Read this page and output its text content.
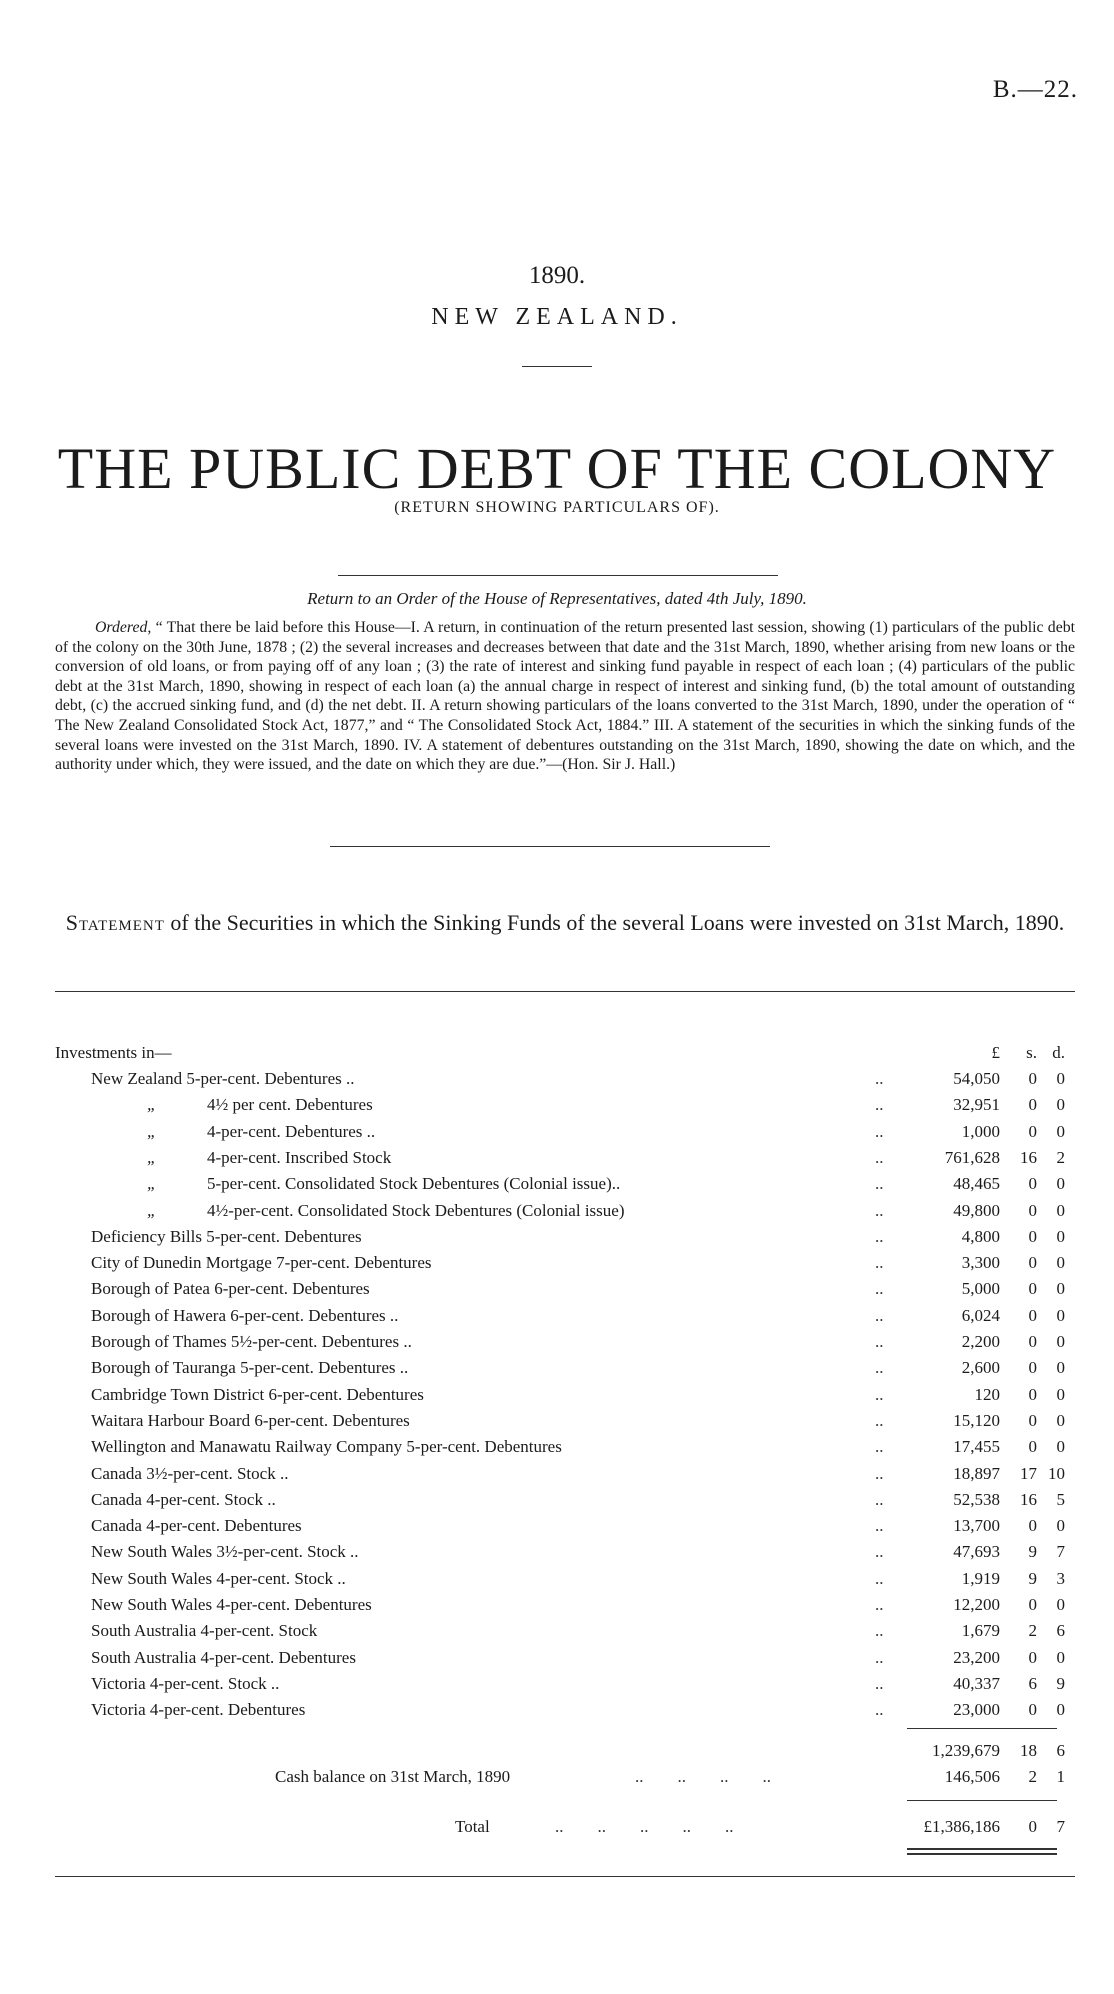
B.—22.
1890.
NEW ZEALAND.
THE PUBLIC DEBT OF THE COLONY
(RETURN SHOWING PARTICULARS OF).
Return to an Order of the House of Representatives, dated 4th July, 1890.
Ordered, “ That there be laid before this House—I. A return, in continuation of the return presented last session, showing (1) particulars of the public debt of the colony on the 30th June, 1878 ; (2) the several increases and decreases between that date and the 31st March, 1890, whether arising from new loans or the conversion of old loans, or from paying off of any loan ; (3) the rate of interest and sinking fund payable in respect of each loan ; (4) particulars of the public debt at the 31st March, 1890, showing in respect of each loan (a) the annual charge in respect of interest and sinking fund, (b) the total amount of outstanding debt, (c) the accrued sinking fund, and (d) the net debt. II. A return showing particulars of the loans converted to the 31st March, 1890, under the operation of “ The New Zealand Consolidated Stock Act, 1877,” and “ The Consolidated Stock Act, 1884.” III. A statement of the securities in which the sinking funds of the several loans were invested on the 31st March, 1890. IV. A statement of debentures outstanding on the 31st March, 1890, showing the date on which, and the authority under which, they were issued, and the date on which they are due.”—(Hon. Sir J. Hall.)
Statement of the Securities in which the Sinking Funds of the several Loans were invested on 31st March, 1890.
£	s. d.
Investments in—
New Zealand 5-per-cent. Debentures ..	..	54,050	0	0
„	4½ per cent. Debentures	..	32,951	0	0
„	4-per-cent. Debentures ..	..	1,000	0	0
„	4-per-cent. Inscribed Stock	..	761,628	16	2
„	5-per-cent. Consolidated Stock Debentures (Colonial issue)..	..	48,465	0	0
„	4½-per-cent. Consolidated Stock Debentures (Colonial issue)	..	49,800	0	0
Deficiency Bills 5-per-cent. Debentures	..	4,800	0	0
City of Dunedin Mortgage 7-per-cent. Debentures	..	3,300	0	0
Borough of Patea 6-per-cent. Debentures	..	5,000	0	0
Borough of Hawera 6-per-cent. Debentures ..	..	6,024	0	0
Borough of Thames 5½-per-cent. Debentures ..	..	2,200	0	0
Borough of Tauranga 5-per-cent. Debentures ..	..	2,600	0	0
Cambridge Town District 6-per-cent. Debentures	..	120	0	0
Waitara Harbour Board 6-per-cent. Debentures	..	15,120	0	0
Wellington and Manawatu Railway Company 5-per-cent. Debentures	..	17,455	0	0
Canada 3½-per-cent. Stock ..	..	18,897	17 10
Canada 4-per-cent. Stock ..	..	52,538	16	5
Canada 4-per-cent. Debentures	..	13,700	0	0
New South Wales 3½-per-cent. Stock ..	..	47,693	9	7
New South Wales 4-per-cent. Stock ..	..	1,919	9	3
New South Wales 4-per-cent. Debentures	..	12,200	0	0
South Australia 4-per-cent. Stock	..	1,679	2	6
South Australia 4-per-cent. Debentures	..	23,200	0	0
Victoria 4-per-cent. Stock ..	..	40,337	6	9
Victoria 4-per-cent. Debentures	..	23,000	0	0
1,239,679	18	6
Cash balance on 31st March, 1890	..        ..        ..        ..	146,506	2	1
Total	..        ..        ..        ..        ..	£1,386,186	0	7
